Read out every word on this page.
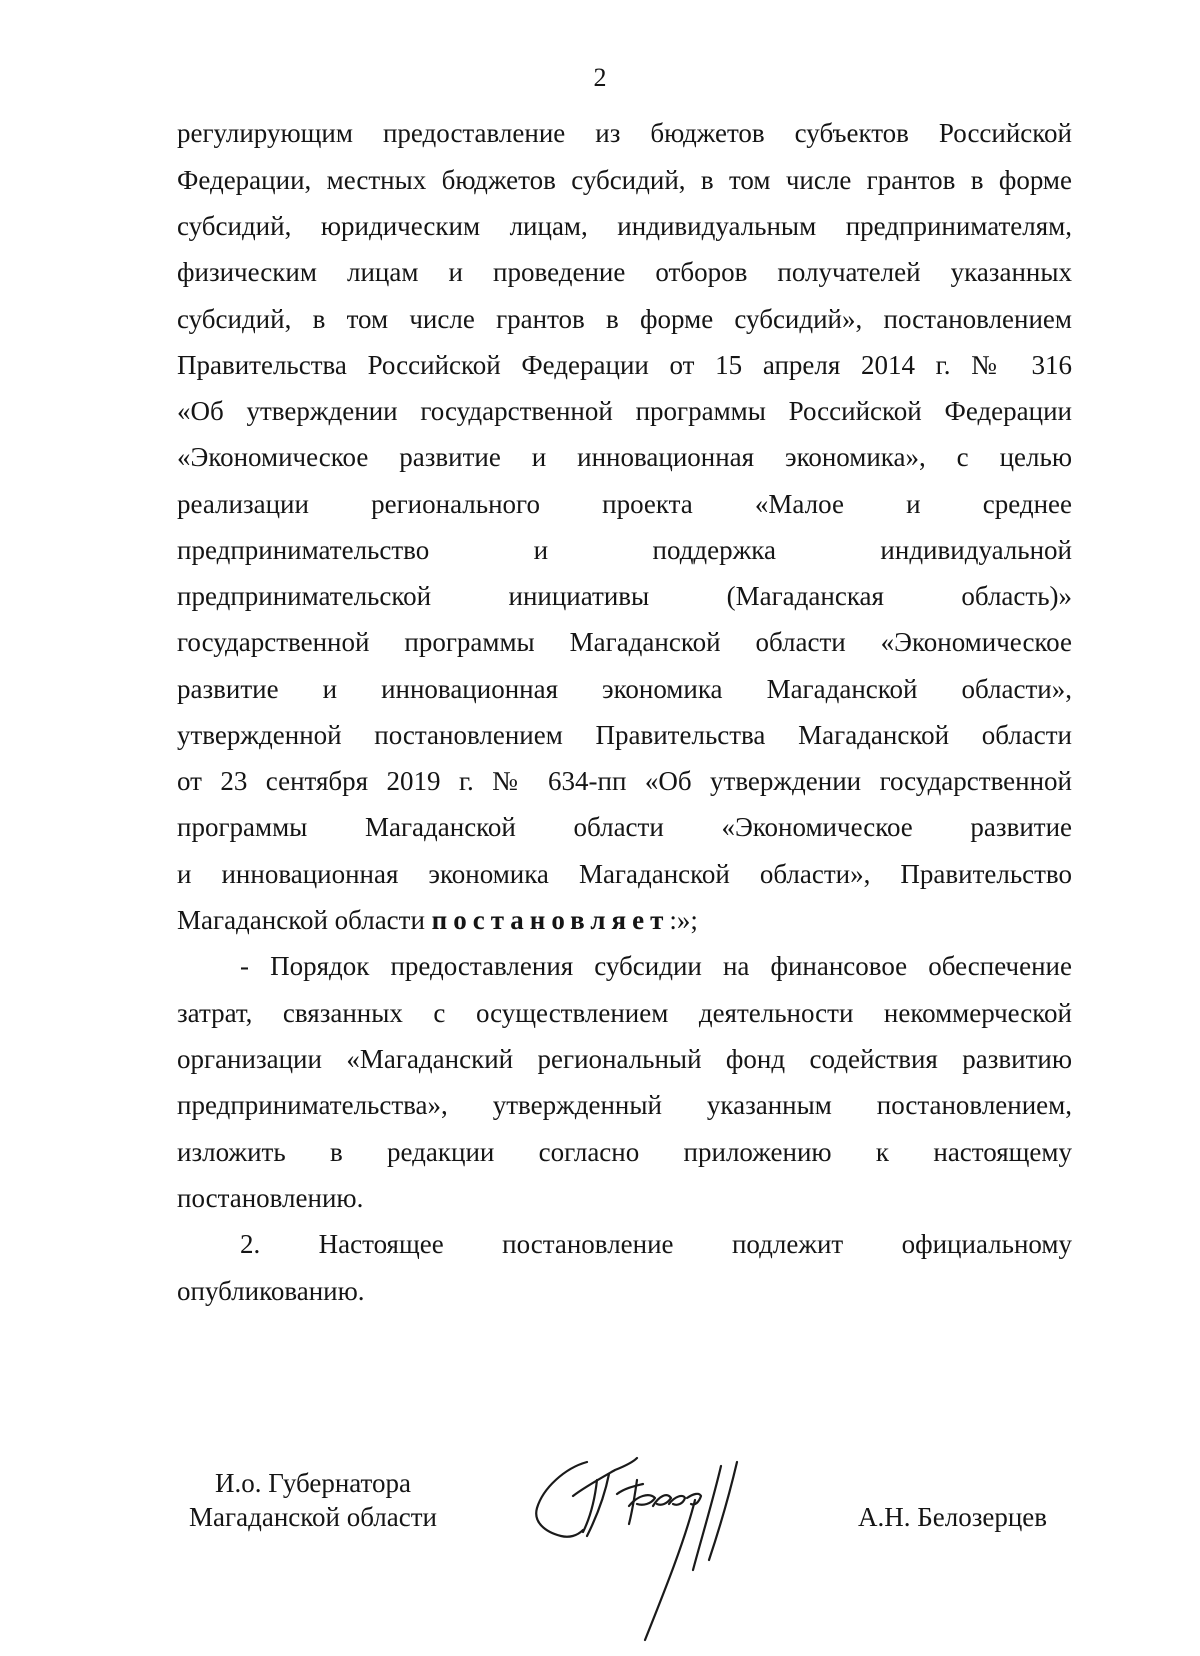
2
регулирующим предоставление из бюджетов субъектов Российской
Федерации, местных бюджетов субсидий, в том числе грантов в форме
субсидий, юридическим лицам, индивидуальным предпринимателям,
физическим лицам и проведение отборов получателей указанных
субсидий, в том числе грантов в форме субсидий», постановлением
Правительства Российской Федерации от 15 апреля 2014 г. № 316
«Об утверждении государственной программы Российской Федерации
«Экономическое развитие и инновационная экономика», с целью
реализации регионального проекта «Малое и среднее
предпринимательство и поддержка индивидуальной
предпринимательской инициативы (Магаданская область)»
государственной программы Магаданской области «Экономическое
развитие и инновационная экономика Магаданской области»,
утвержденной постановлением Правительства Магаданской области
от 23 сентября 2019 г. № 634-пп «Об утверждении государственной
программы Магаданской области «Экономическое развитие
и инновационная экономика Магаданской области», Правительство
Магаданской области постановляет:»;
- Порядок предоставления субсидии на финансовое обеспечение
затрат, связанных с осуществлением деятельности некоммерческой
организации «Магаданский региональный фонд содействия развитию
предпринимательства», утвержденный указанным постановлением,
изложить в редакции согласно приложению к настоящему
постановлению.
2. Настоящее постановление подлежит официальному
опубликованию.
И.о. Губернатора
Магаданской области	А.Н. Белозерцев
